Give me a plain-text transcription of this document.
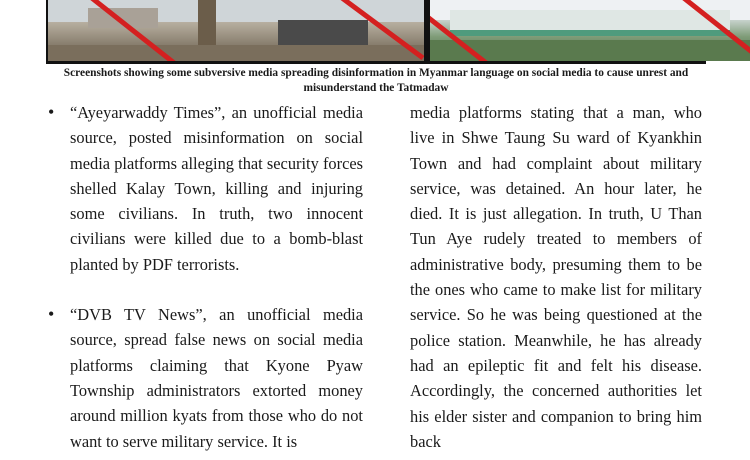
Screenshots showing some subversive media spreading disinformation in Myanmar language on social media to cause unrest and misunderstand the Tatmadaw

• “Ayeyarwaddy Times”, an unofficial media source, posted misinformation on social media platforms alleging that security forces shelled Kalay Town, killing and injuring some civilians. In truth, two innocent civilians were killed due to a bomb-blast planted by PDF terrorists.

• “DVB TV News”, an unofficial media source, spread false news on social media platforms claiming that Kyone Pyaw Township administrators extorted money around million kyats from those who do not want to serve military service. It is

media platforms stating that a man, who live in Shwe Taung Su ward of Kyankhin Town and had complaint about military service, was detained. An hour later, he died. It is just allegation. In truth, U Than Tun Aye rudely treated to members of administrative body, presuming them to be the ones who came to make list for military service. So he was being questioned at the police station. Meanwhile, he has already had an epileptic fit and felt his disease. Accordingly, the concerned authorities let his elder sister and companion to bring him back
